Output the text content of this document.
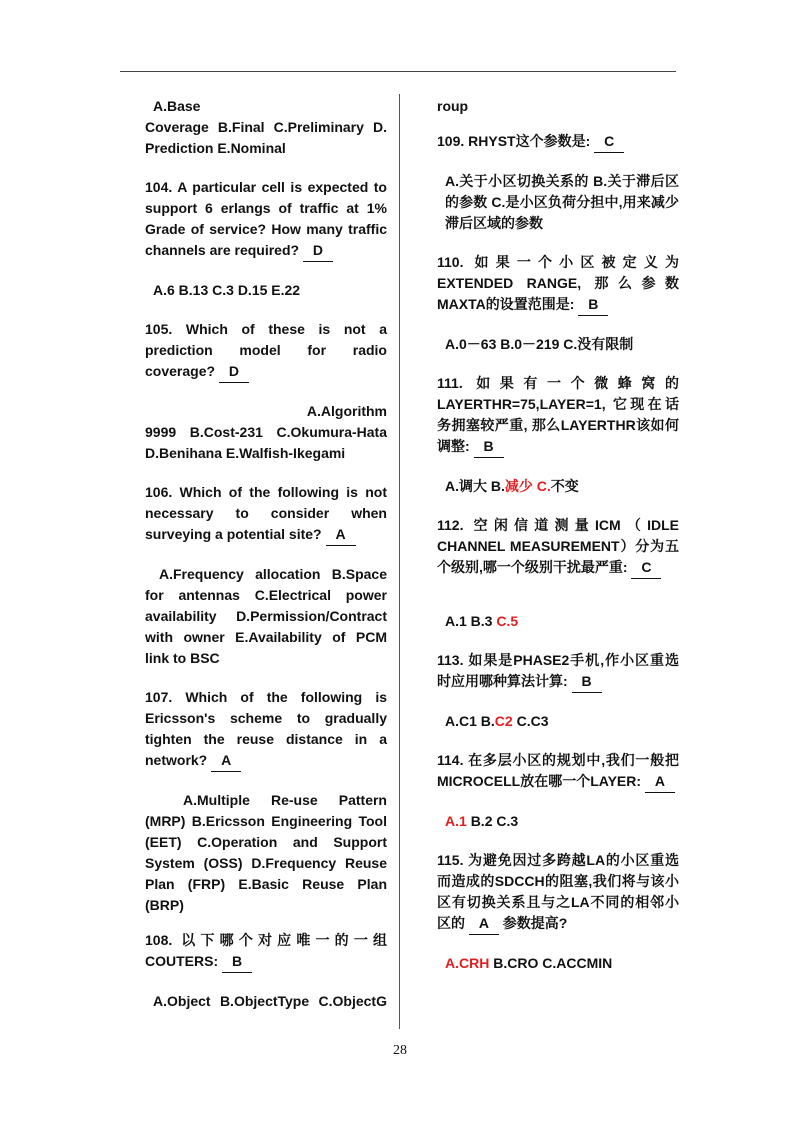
A.Base

Coverage B.Final C.Preliminary D. Prediction E.Nominal

104. A particular cell is expected to support 6 erlangs of traffic at 1% Grade of service? How many traffic channels are required? D

A.6 B.13 C.3 D.15 E.22

105. Which of these is not a prediction model for radio coverage? D

A.Algorithm

9999 B.Cost-231 C.Okumura-Hata D.Benihana E.Walfish-Ikegami

106. Which of the following is not necessary to consider when surveying a potential site? A

A.Frequency allocation B.Space for antennas C.Electrical power availability D.Permission/Contract with owner E.Availability of PCM link to BSC

107. Which of the following is Ericsson's scheme to gradually tighten the reuse distance in a network? A

A.Multiple Re-use Pattern (MRP) B.Ericsson Engineering Tool (EET) C.Operation and Support System (OSS) D.Frequency Reuse Plan (FRP) E.Basic Reuse Plan (BRP)

108. 以下哪个对应唯一的一组COUTERS: B

A.Object B.ObjectType C.ObjectG

roup

109. RHYST这个参数是: C

A.关于小区切换关系的 B.关于滞后区的参数 C.是小区负荷分担中,用来减少滞后区域的参数

110. 如果一个小区被定义为EXTENDED RANGE, 那么参数MAXTA的设置范围是: B

A.0－63 B.0－219 C.没有限制

111. 如果有一个微蜂窝的LAYERTHR=75,LAYER=1, 它现在话务拥塞较严重, 那么LAYERTHR该如何调整: B

A.调大 B.减少 C.不变

112. 空闲信道测量ICM（IDLE CHANNEL MEASUREMENT）分为五个级别,哪一个级别干扰最严重: C

A.1 B.3 C.5

113. 如果是PHASE2手机,作小区重选时应用哪种算法计算: B

A.C1 B.C2 C.C3

114. 在多层小区的规划中,我们一般把MICROCELL放在哪一个LAYER: A

A.1 B.2 C.3

115. 为避免因过多跨越LA的小区重选而造成的SDCCH的阻塞,我们将与该小区有切换关系且与之LA不同的相邻小区的 A 参数提高?

A.CRH B.CRO C.ACCMIN

28
